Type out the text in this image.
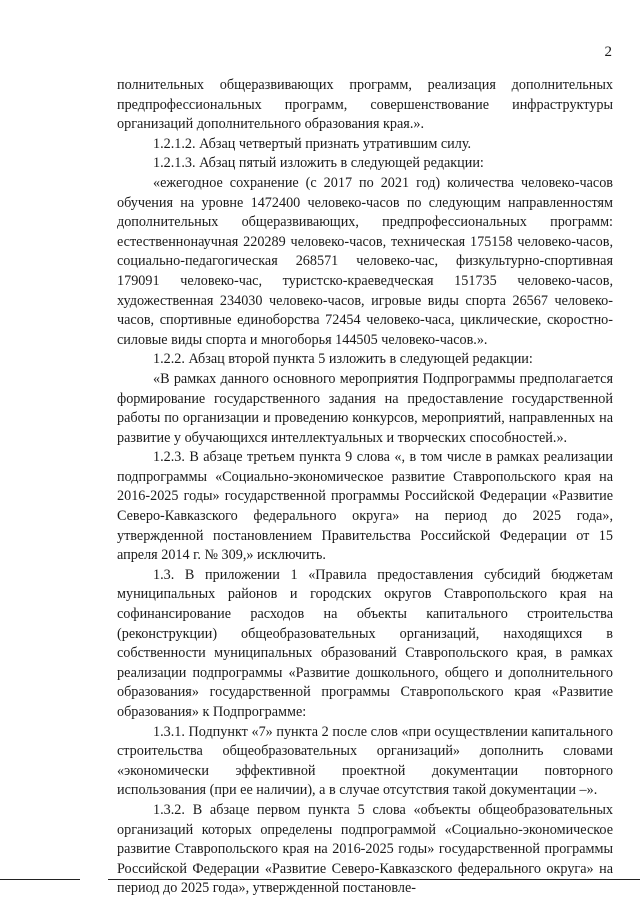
2

полнительных общеразвивающих программ, реализация дополнительных предпрофессиональных программ, совершенствование инфраструктуры организаций дополнительного образования края.».

1.2.1.2. Абзац четвертый признать утратившим силу.

1.2.1.3. Абзац пятый изложить в следующей редакции:

«ежегодное сохранение (с 2017 по 2021 год) количества человеко-часов обучения на уровне 1472400 человеко-часов по следующим направленностям дополнительных общеразвивающих, предпрофессиональных программ: естественнонаучная 220289 человеко-часов, техническая 175158 человеко-часов, социально-педагогическая 268571 человеко-час, физкультурно-спортивная 179091 человеко-час, туристско-краеведческая 151735 человеко-часов, художественная 234030 человеко-часов, игровые виды спорта 26567 человеко-часов, спортивные единоборства 72454 человеко-часа, циклические, скоростно-силовые виды спорта и многоборья 144505 человеко-часов.».

1.2.2. Абзац второй пункта 5 изложить в следующей редакции:

«В рамках данного основного мероприятия Подпрограммы предполагается формирование государственного задания на предоставление государственной работы по организации и проведению конкурсов, мероприятий, направленных на развитие у обучающихся интеллектуальных и творческих способностей.».

1.2.3. В абзаце третьем пункта 9 слова «, в том числе в рамках реализации подпрограммы «Социально-экономическое развитие Ставропольского края на 2016-2025 годы» государственной программы Российской Федерации «Развитие Северо-Кавказского федерального округа» на период до 2025 года», утвержденной постановлением Правительства Российской Федерации от 15 апреля 2014 г. № 309,» исключить.

1.3. В приложении 1 «Правила предоставления субсидий бюджетам муниципальных районов и городских округов Ставропольского края на софинансирование расходов на объекты капитального строительства (реконструкции) общеобразовательных организаций, находящихся в собственности муниципальных образований Ставропольского края, в рамках реализации подпрограммы «Развитие дошкольного, общего и дополнительного образования» государственной программы Ставропольского края «Развитие образования» к Подпрограмме:

1.3.1. Подпункт «7» пункта 2 после слов «при осуществлении капитального строительства общеобразовательных организаций» дополнить словами «экономически эффективной проектной документации повторного использования (при ее наличии), а в случае отсутствия такой документации –».

1.3.2. В абзаце первом пункта 5 слова «объекты общеобразовательных организаций которых определены подпрограммой «Социально-экономическое развитие Ставропольского края на 2016-2025 годы» государственной программы Российской Федерации «Развитие Северо-Кавказского федерального округа» на период до 2025 года», утвержденной постановле-
